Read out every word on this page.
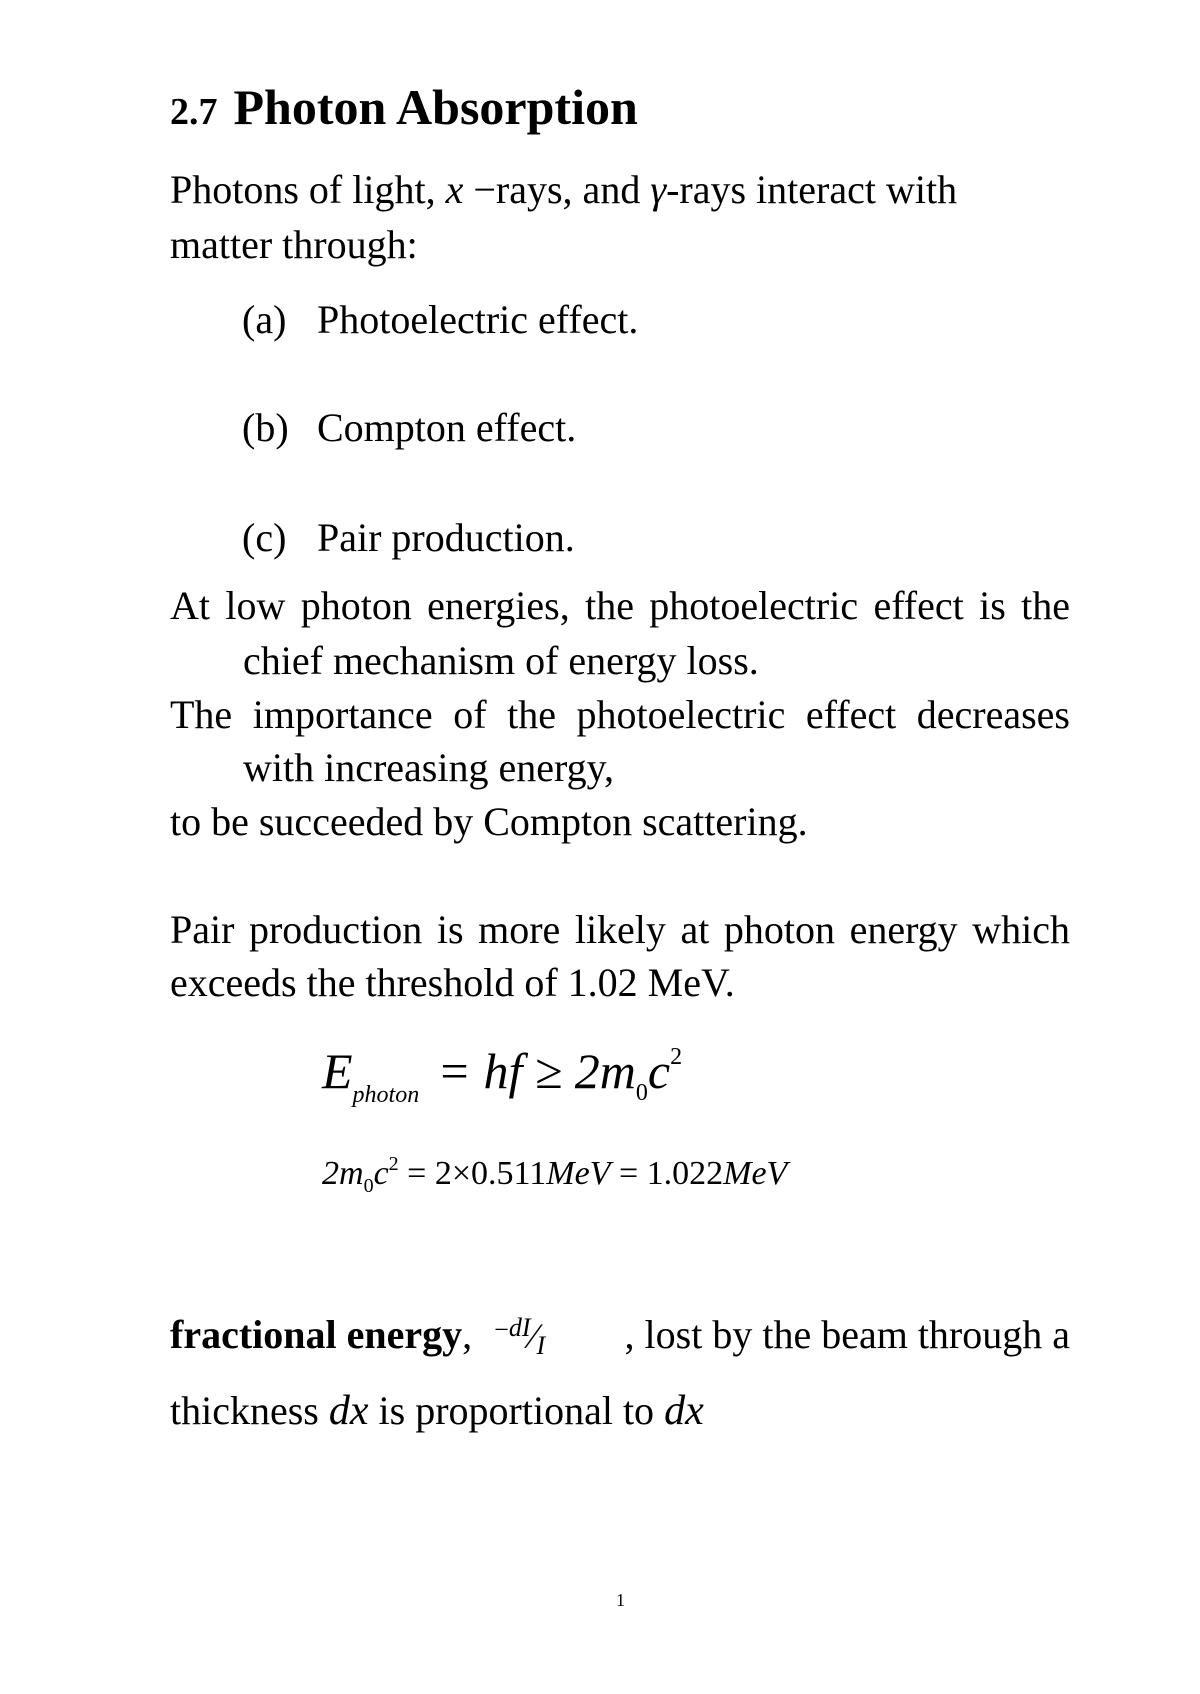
2.7 Photon Absorption
Photons of light, x −rays, and γ-rays interact with
matter through:
(a) Photoelectric effect.
(b) Compton effect.
(c) Pair production.
At low photon energies, the photoelectric effect is the
chief mechanism of energy loss.
The importance of the photoelectric effect decreases
with increasing energy,
to be succeeded by Compton scattering.
Pair production is more likely at photon energy which
exceeds the threshold of 1.02 MeV.
$E_{photon}$ = hf ≥ $2m_0c^2$
$2m_0c^2 = 2\times 0.511MeV = 1.022MeV$
fractional energy, −dI∕I , lost by the beam through a
thickness dx is proportional to dx
1
